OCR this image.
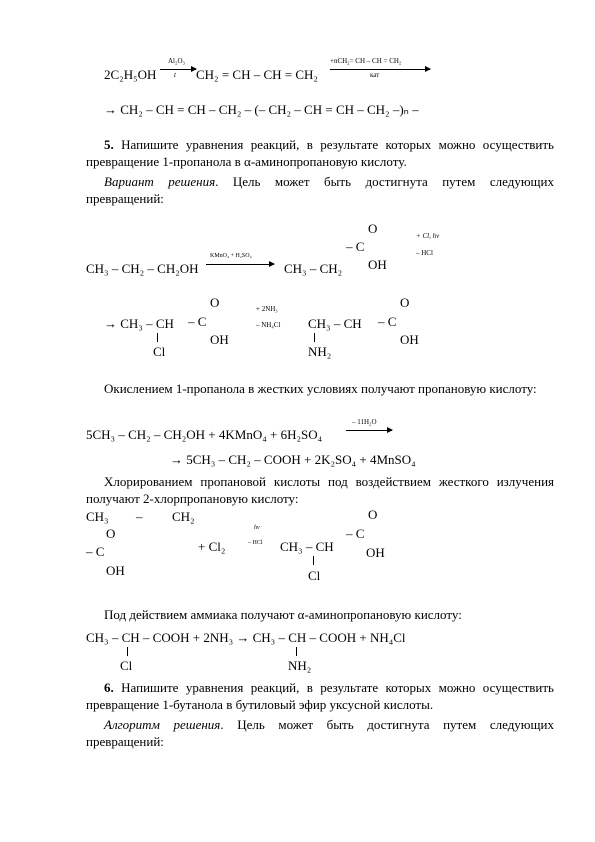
2C₂H₅OH
Al₂O₃
t CH₂ = CH – CH = CH₂
+nCH₂= CH – CH = CH₂
кат
→ CH₂ – CH = CH – CH₂ – (– CH₂ – CH = CH – CH₂ –)ₙ –
5. Напишите уравнения реакций, в результате которых можно осуществить превращение 1-пропанола в α-аминопропановую кислоту.
Вариант решения. Цель может быть достигнута путем следующих превращений:
CH₃ – CH₂ – CH₂OH
KMnO₄ + H₂SO₄
CH₃ – CH₂
O
– C
OH
+ Cl, hν
– HCl
→ CH₃ – CH
Cl
O
– C
OH
+ 2NH₃
– NH₄Cl CH₃ – CH
NH₂
O
– C
OH
Окислением 1-пропанола в жестких условиях получают пропановую кислоту:
5CH₃ – CH₂ – CH₂OH + 4KMnO₄ + 6H₂SO₄
– 11H₂O
→ 5CH₃ – CH₂ – COOH + 2K₂SO₄ + 4MnSO₄
Хлорированием пропановой кислоты под воздействием жесткого излучения получают 2-хлорпропановую кислоту:
CH₃ – CH₂
O
– C
OH
+ Cl₂
hν
– HCl CH₃ – CH
Cl
O
– C
OH
Под действием аммиака получают α-аминопропановую кислоту:
CH₃ – CH – COOH + 2NH₃ → CH₃ – CH – COOH + NH₄Cl
Cl	NH₂
6. Напишите уравнения реакций, в результате которых можно осуществить превращение 1-бутанола в бутиловый эфир уксусной кислоты.
Алгоритм решения. Цель может быть достигнута путем следующих превращений:
